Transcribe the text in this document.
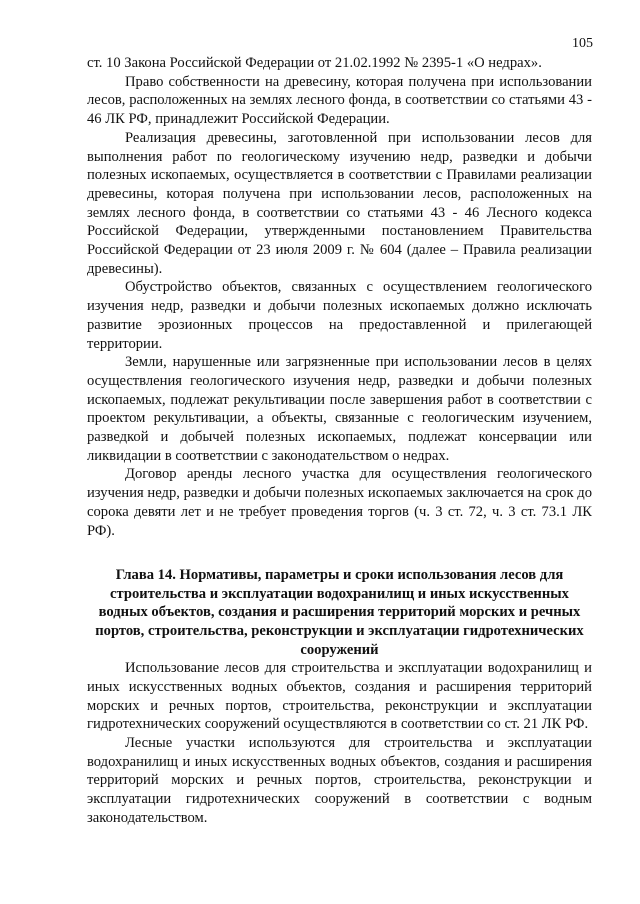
105

ст. 10 Закона Российской Федерации от 21.02.1992 № 2395-1 «О недрах».

Право собственности на древесину, которая получена при использовании лесов, расположенных на землях лесного фонда, в соответствии со статьями 43 - 46 ЛК РФ, принадлежит Российской Федерации.

Реализация древесины, заготовленной при использовании лесов для выполнения работ по геологическому изучению недр, разведки и добычи полезных ископаемых, осуществляется в соответствии с Правилами реализации древесины, которая получена при использовании лесов, расположенных на землях лесного фонда, в соответствии со статьями 43 - 46 Лесного кодекса Российской Федерации, утвержденными постановлением Правительства Российской Федерации от 23 июля 2009 г. № 604 (далее – Правила реализации древесины).

Обустройство объектов, связанных с осуществлением геологического изучения недр, разведки и добычи полезных ископаемых должно исключать развитие эрозионных процессов на предоставленной и прилегающей территории.

Земли, нарушенные или загрязненные при использовании лесов в целях осуществления геологического изучения недр, разведки и добычи полезных ископаемых, подлежат рекультивации после завершения работ в соответствии с проектом рекультивации, а объекты, связанные с геологическим изучением, разведкой и добычей полезных ископаемых, подлежат консервации или ликвидации в соответствии с законодательством о недрах.

Договор аренды лесного участка для осуществления геологического изучения недр, разведки и добычи полезных ископаемых заключается на срок до сорока девяти лет и не требует проведения торгов (ч. 3 ст. 72, ч. 3 ст. 73.1 ЛК РФ).

Глава 14. Нормативы, параметры и сроки использования лесов для строительства и эксплуатации водохранилищ и иных искусственных водных объектов, создания и расширения территорий морских и речных портов, строительства, реконструкции и эксплуатации гидротехнических сооружений

Использование лесов для строительства и эксплуатации водохранилищ и иных искусственных водных объектов, создания и расширения территорий морских и речных портов, строительства, реконструкции и эксплуатации гидротехнических сооружений осуществляются в соответствии со ст. 21 ЛК РФ.

Лесные участки используются для строительства и эксплуатации водохранилищ и иных искусственных водных объектов, создания и расширения территорий морских и речных портов, строительства, реконструкции и эксплуатации гидротехнических сооружений в соответствии с водным законодательством.
